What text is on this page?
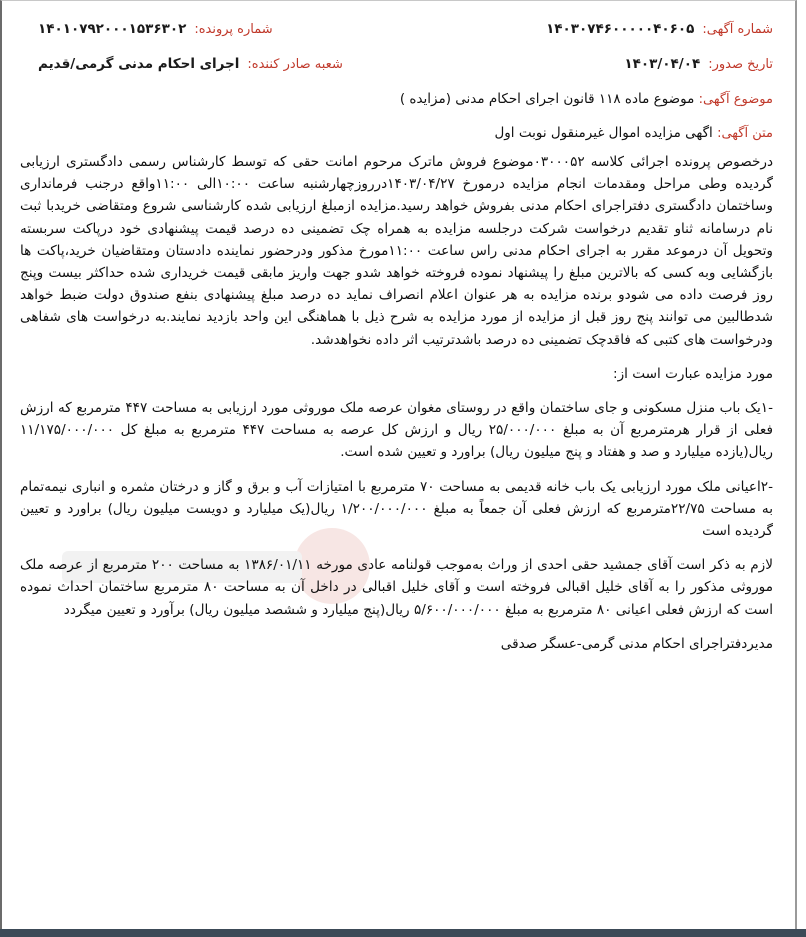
شماره آگهی:
۱۴۰۳۰۷۴۶۰۰۰۰۰۴۰۶۰۵
شماره پرونده:
۱۴۰۱۰۷۹۲۰۰۰۱۵۳۶۳۰۲
تاریخ صدور:
۱۴۰۳/۰۴/۰۴
شعبه صادر کننده:
اجرای احکام مدنی گرمی/قدیم
موضوع آگهی: موضوع ماده ۱۱۸ قانون اجرای احکام مدنی (مزایده )
متن آگهی: اگهی مزایده اموال غیرمنقول نوبت اول

درخصوص پرونده اجرائی کلاسه ۰۳۰۰۰۵۲موضوع فروش ماترک مرحوم امانت حقی که توسط کارشناس رسمی دادگستری ارزیابی گردیده وطی مراحل ومقدمات انجام مزایده درمورخ ۱۴۰۳/۰۴/۲۷درروزچهارشنبه ساعت ۱۰:۰۰الی ۱۱:۰۰واقع درجنب فرمانداری وساختمان دادگستری دفتراجرای احکام مدنی بفروش خواهد رسید.مزایده ازمبلغ ارزیابی شده کارشناسی شروع ومتقاضی خریدبا ثبت نام درسامانه ثناو تقدیم درخواست شرکت درجلسه مزایده به همراه چک تضمینی ده درصد قیمت پیشنهادی خود درپاکت سربسته وتحویل آن درموعد مقرر به اجرای احکام مدنی راس ساعت ۱۱:۰۰مورخ مذکور ودرحضور نماینده دادستان ومتقاضیان خرید،پاکت ها بازگشایی وبه کسی که بالاترین مبلغ را پیشنهاد نموده فروخته خواهد شدو جهت واریز مابقی قیمت خریداری شده حداکثر بیست وپنج روز فرصت داده می شودو برنده مزایده به هر عنوان اعلام انصراف نماید ده درصد مبلغ پیشنهادی بنفع صندوق دولت ضبط خواهد شدطالبین می توانند پنج روز قبل از مزایده از مورد مزایده به شرح ذیل با هماهنگی این واحد بازدید نمایند.به درخواست های شفاهی ودرخواست های کتبی که فاقدچک تضمینی ده درصد باشدترتیب اثر داده نخواهدشد.

مورد مزایده عبارت است از:

-۱یک باب منزل مسکونی و جای ساختمان واقع در روستای مغوان عرصه ملک موروثی مورد ارزیابی به مساحت ۴۴۷ مترمربع که ارزش فعلی از قرار هرمترمربع آن به مبلغ ۲۵/۰۰۰/۰۰۰ ریال و ارزش کل عرصه به مساحت ۴۴۷ مترمربع به مبلغ کل ۱۱/۱۷۵/۰۰۰/۰۰۰ ریال(یازده میلیارد و صد و هفتاد و پنج میلیون ریال) براورد و تعیین شده است.

-۲اعیانی ملک مورد ارزیابی یک باب خانه قدیمی به مساحت ۷۰ مترمربع با امتیازات آب و برق و گاز و درختان مثمره و انباری نیمه‌تمام به مساحت ۲۲/۷۵مترمربع که ارزش فعلی آن جمعاً به مبلغ ۱/۲۰۰/۰۰۰/۰۰۰ ریال(یک میلیارد و دویست میلیون ریال) براورد و تعیین گردیده است

لازم به ذکر است آقای جمشید حقی احدی از وراث به‌موجب قولنامه عادی مورخه ۱۳۸۶/۰۱/۱۱ به مساحت ۲۰۰ مترمربع از عرصه ملک موروثی مذکور را به آقای خلیل اقبالی فروخته است و آقای خلیل اقبالی در داخل آن به مساحت ۸۰ مترمربع ساختمان احداث نموده است که ارزش فعلی اعیانی ۸۰ مترمربع به مبلغ ۵/۶۰۰/۰۰۰/۰۰۰ ریال(پنج میلیارد و ششصد میلیون ریال) برآورد و تعیین میگردد

مدیردفتراجرای احکام مدنی گرمی-عسگر صدقی
